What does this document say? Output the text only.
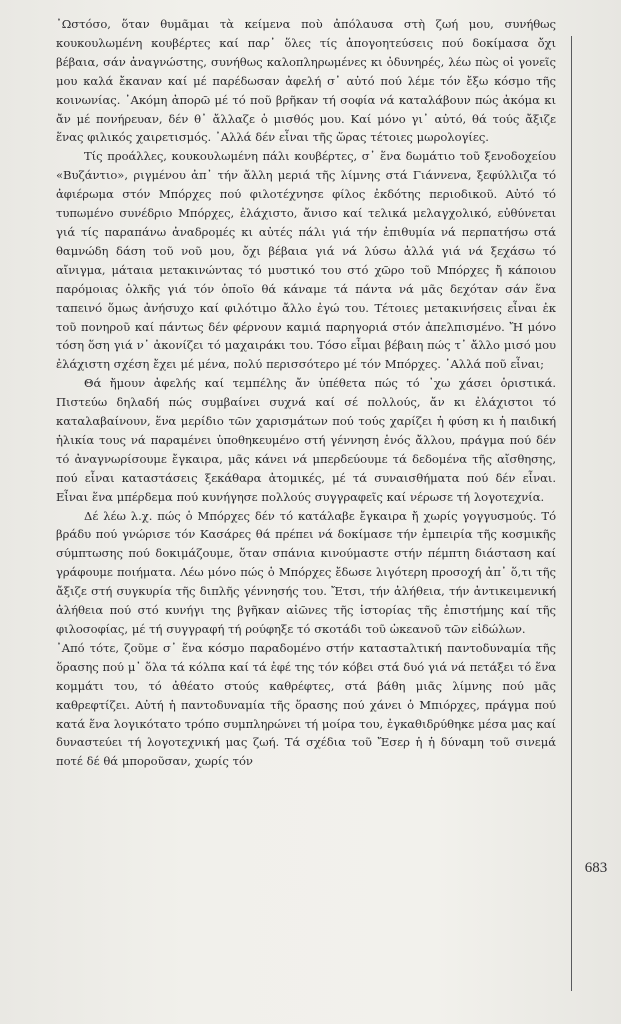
᾿Ωστόσο, ὅταν θυμᾶμαι τὰ κείμενα ποὺ ἀπόλαυσα στὴ ζωή μου, συνήθως κουκουλωμένη κουβέρτες καί παρ᾿ ὅλες τίς ἀπογοητεύσεις πού δοκίμασα ὄχι βέβαια, σάν ἀναγνώστης, συνήθως καλοπληρωμένες κι ὀδυνηρές, λέω πὼς οἱ γονεῖς μου καλά ἔκαναν καί μέ παρέδωσαν ἀφελή σ᾿ αὐτό πού λέμε τόν ἔξω κόσμο τῆς κοινωνίας. ᾿Ακόμη ἀπορῶ μέ τό ποῦ βρῆκαν τή σοφία νά καταλάβουν πώς ἀκόμα κι ἄν μέ πονήρευαν, δέν θ᾿ ἄλλαζε ὁ μισθός μου. Καί μόνο γι᾿ αὐτό, θά τούς ἄξιζε ἕνας φιλικός χαιρετισμός. ᾿Αλλά δέν εἶναι τῆς ὥρας τέτοιες μωρολογίες.

Τίς προάλλες, κουκουλωμένη πάλι κουβέρτες, σ᾿ ἕνα δωμάτιο τοῦ ξενοδοχείου «Βυζάντιο», ριγμένου ἀπ᾿ τήν ἄλλη μεριά τῆς λίμνης στά Γιάννενα, ξεφύλλιζα τό ἀφιέρωμα στόν Μπόρχες πού φιλοτέχνησε φίλος ἐκδότης περιοδικοῦ. Αὐτό τό τυπωμένο συνέδριο Μπόρχες, ἐλάχιστο, ἄνισο καί τελικά μελαγχολικό, εὐθύνεται γιά τίς παραπάνω ἀναδρομές κι αὐτές πάλι γιά τήν ἐπιθυμία νά περπατήσω στά θαμνώδη δάση τοῦ νοῦ μου, ὄχι βέβαια γιά νά λύσω ἀλλά γιά νά ξεχάσω τό αἴνιγμα, μάταια μετακινώντας τό μυστικό του στό χῶρο τοῦ Μπόρχες ἤ κάποιου παρόμοιας ὁλκῆς γιά τόν ὁποῖο θά κάναμε τά πάντα νά μᾶς δεχόταν σάν ἕνα ταπεινό ὅμως ἀνήσυχο καί φιλότιμο ἄλλο ἐγώ του. Τέτοιες μετακινήσεις εἶναι ἐκ τοῦ πονηροῦ καί πάντως δέν φέρνουν καμιά παρηγοριά στόν ἀπελπισμένο. Ἤ μόνο τόση ὅση γιά ν᾿ ἀκονίζει τό μαχαιράκι του. Τόσο εἶμαι βέβαιη πώς τ᾿ ἄλλο μισό μου ἐλάχιστη σχέση ἔχει μέ μένα, πολύ περισσότερο μέ τόν Μπόρχες. ᾿Αλλά ποῦ εἶναι;

Θά ἤμουν ἀφελής καί τεμπέλης ἄν ὑπέθετα πώς τό ᾿χω χάσει ὁριστικά. Πιστεύω δηλαδή πώς συμβαίνει συχνά καί σέ πολλούς, ἄν κι ἐλάχιστοι τό καταλαβαίνουν, ἕνα μερίδιο τῶν χαρισμάτων πού τούς χαρίζει ἡ φύση κι ἡ παιδική ἡλικία τους νά παραμένει ὑποθηκευμένο στή γέννηση ἑνός ἄλλου, πράγμα πού δέν τό ἀναγνωρίσουμε ἔγκαιρα, μᾶς κάνει νά μπερδεύουμε τά δεδομένα τῆς αἴσθησης, πού εἶναι καταστάσεις ξεκάθαρα ἀτομικές, μέ τά συναισθήματα πού δέν εἶναι. Εἶναι ἕνα μπέρδεμα πού κυνήγησε πολλούς συγγραφεῖς καί νέρωσε τή λογοτεχνία.

Δέ λέω λ.χ. πώς ὁ Μπόρχες δέν τό κατάλαβε ἔγκαιρα ἤ χωρίς γογγυσμούς. Τό βράδυ πού γνώρισε τόν Κασάρες θά πρέπει νά δοκίμασε τήν ἐμπειρία τῆς κοσμικῆς σύμπτωσης πού δοκιμάζουμε, ὅταν σπάνια κινούμαστε στήν πέμπτη διάσταση καί γράφουμε ποιήματα. Λέω μόνο πώς ὁ Μπόρχες ἔδωσε λιγότερη προσοχή ἀπ᾿ ὅ,τι τῆς ἄξιζε στή συγκυρία τῆς διπλῆς γέννησής του. Ἔτσι, τήν ἀλήθεια, τήν ἀντικειμενική ἀλήθεια πού στό κυνήγι της βγῆκαν αἰῶνες τῆς ἱστορίας τῆς ἐπιστήμης καί τῆς φιλοσοφίας, μέ τή συγγραφή τή ρούφηξε τό σκοτάδι τοῦ ὠκεανοῦ τῶν εἰδώλων.

᾿Από τότε, ζοῦμε σ᾿ ἕνα κόσμο παραδομένο στήν καταστaλτική παντοδυναμία τῆς ὅρασης πού μ᾿ ὅλα τά κόλπα καί τά ἐφέ της τόν κόβει στά δυό γιά νά πετάξει τό ἕνα κομμάτι του, τό ἀθέατο στούς καθρέφτες, στά βάθη μιᾶς λίμνης πού μᾶς καθρεφτίζει. Αὐτή ἡ παντοδυναμία τῆς ὅρασης πού χάνει ὁ Μπιόρχες, πράγμα πού κατά ἕνα λογικότατο τρόπο συμπληρώνει τή μοίρα του, ἐγκαθιδρύθηκε μέσα μας καί δυναστεύει τή λογοτεχνική μας ζωή. Τά σχέδια τοῦ Ἔσερ ἡ ἡ δύναμη τοῦ σινεμά ποτέ δέ θά μποροῦσαν, χωρίς τόν

683
